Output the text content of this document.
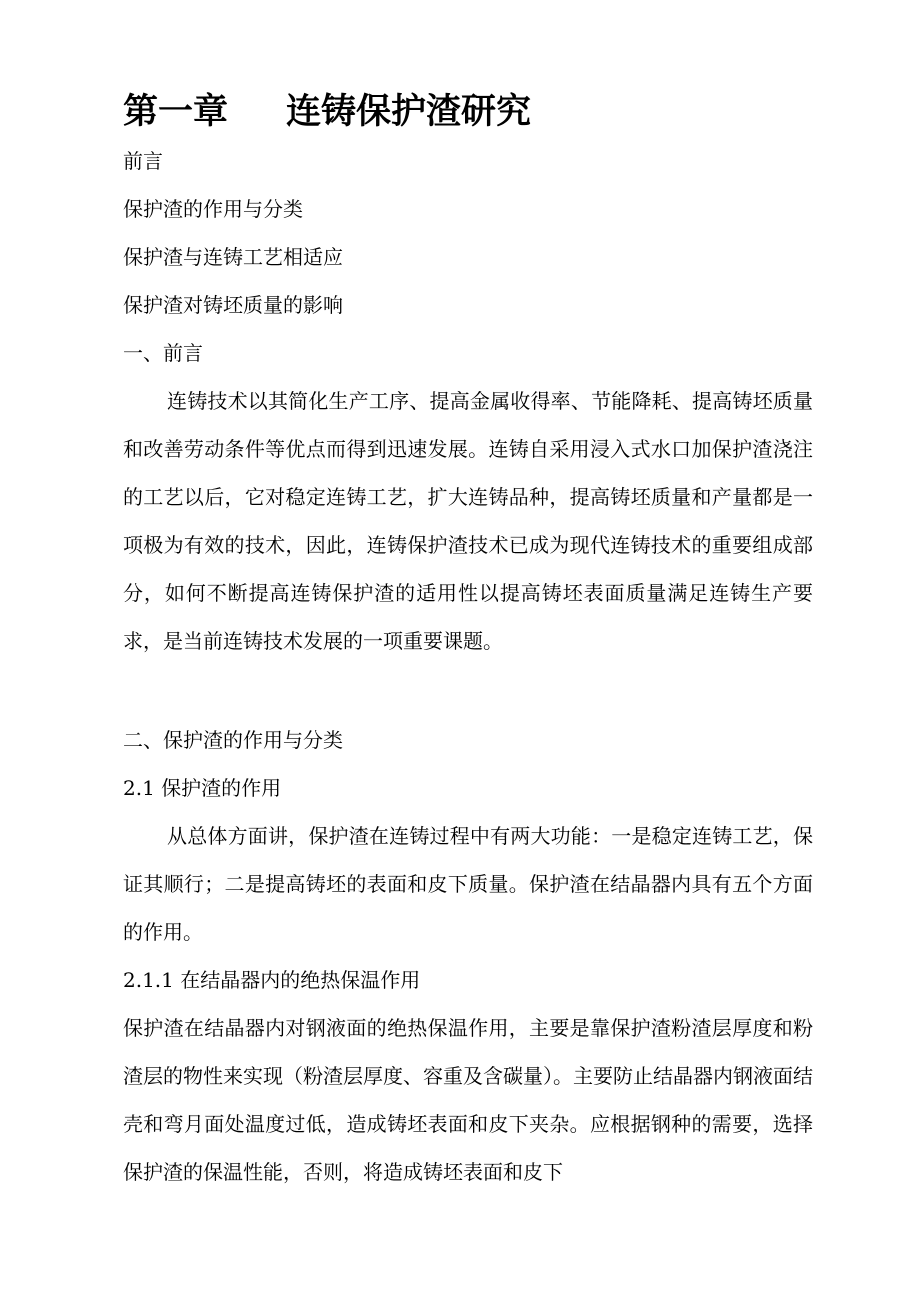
第一章 连铸保护渣研究
前言
保护渣的作用与分类
保护渣与连铸工艺相适应
保护渣对铸坯质量的影响
一、前言
连铸技术以其简化生产工序、提高金属收得率、节能降耗、提高铸坯质量和改善劳动条件等优点而得到迅速发展。连铸自采用浸入式水口加保护渣浇注的工艺以后，它对稳定连铸工艺，扩大连铸品种，提高铸坯质量和产量都是一项极为有效的技术，因此，连铸保护渣技术已成为现代连铸技术的重要组成部分，如何不断提高连铸保护渣的适用性以提高铸坯表面质量满足连铸生产要求，是当前连铸技术发展的一项重要课题。
二、保护渣的作用与分类
2.1 保护渣的作用
从总体方面讲，保护渣在连铸过程中有两大功能：一是稳定连铸工艺，保证其顺行；二是提高铸坯的表面和皮下质量。保护渣在结晶器内具有五个方面的作用。
2.1.1 在结晶器内的绝热保温作用
保护渣在结晶器内对钢液面的绝热保温作用，主要是靠保护渣粉渣层厚度和粉渣层的物性来实现（粉渣层厚度、容重及含碳量）。主要防止结晶器内钢液面结壳和弯月面处温度过低，造成铸坯表面和皮下夹杂。应根据钢种的需要，选择保护渣的保温性能，否则，将造成铸坯表面和皮下
